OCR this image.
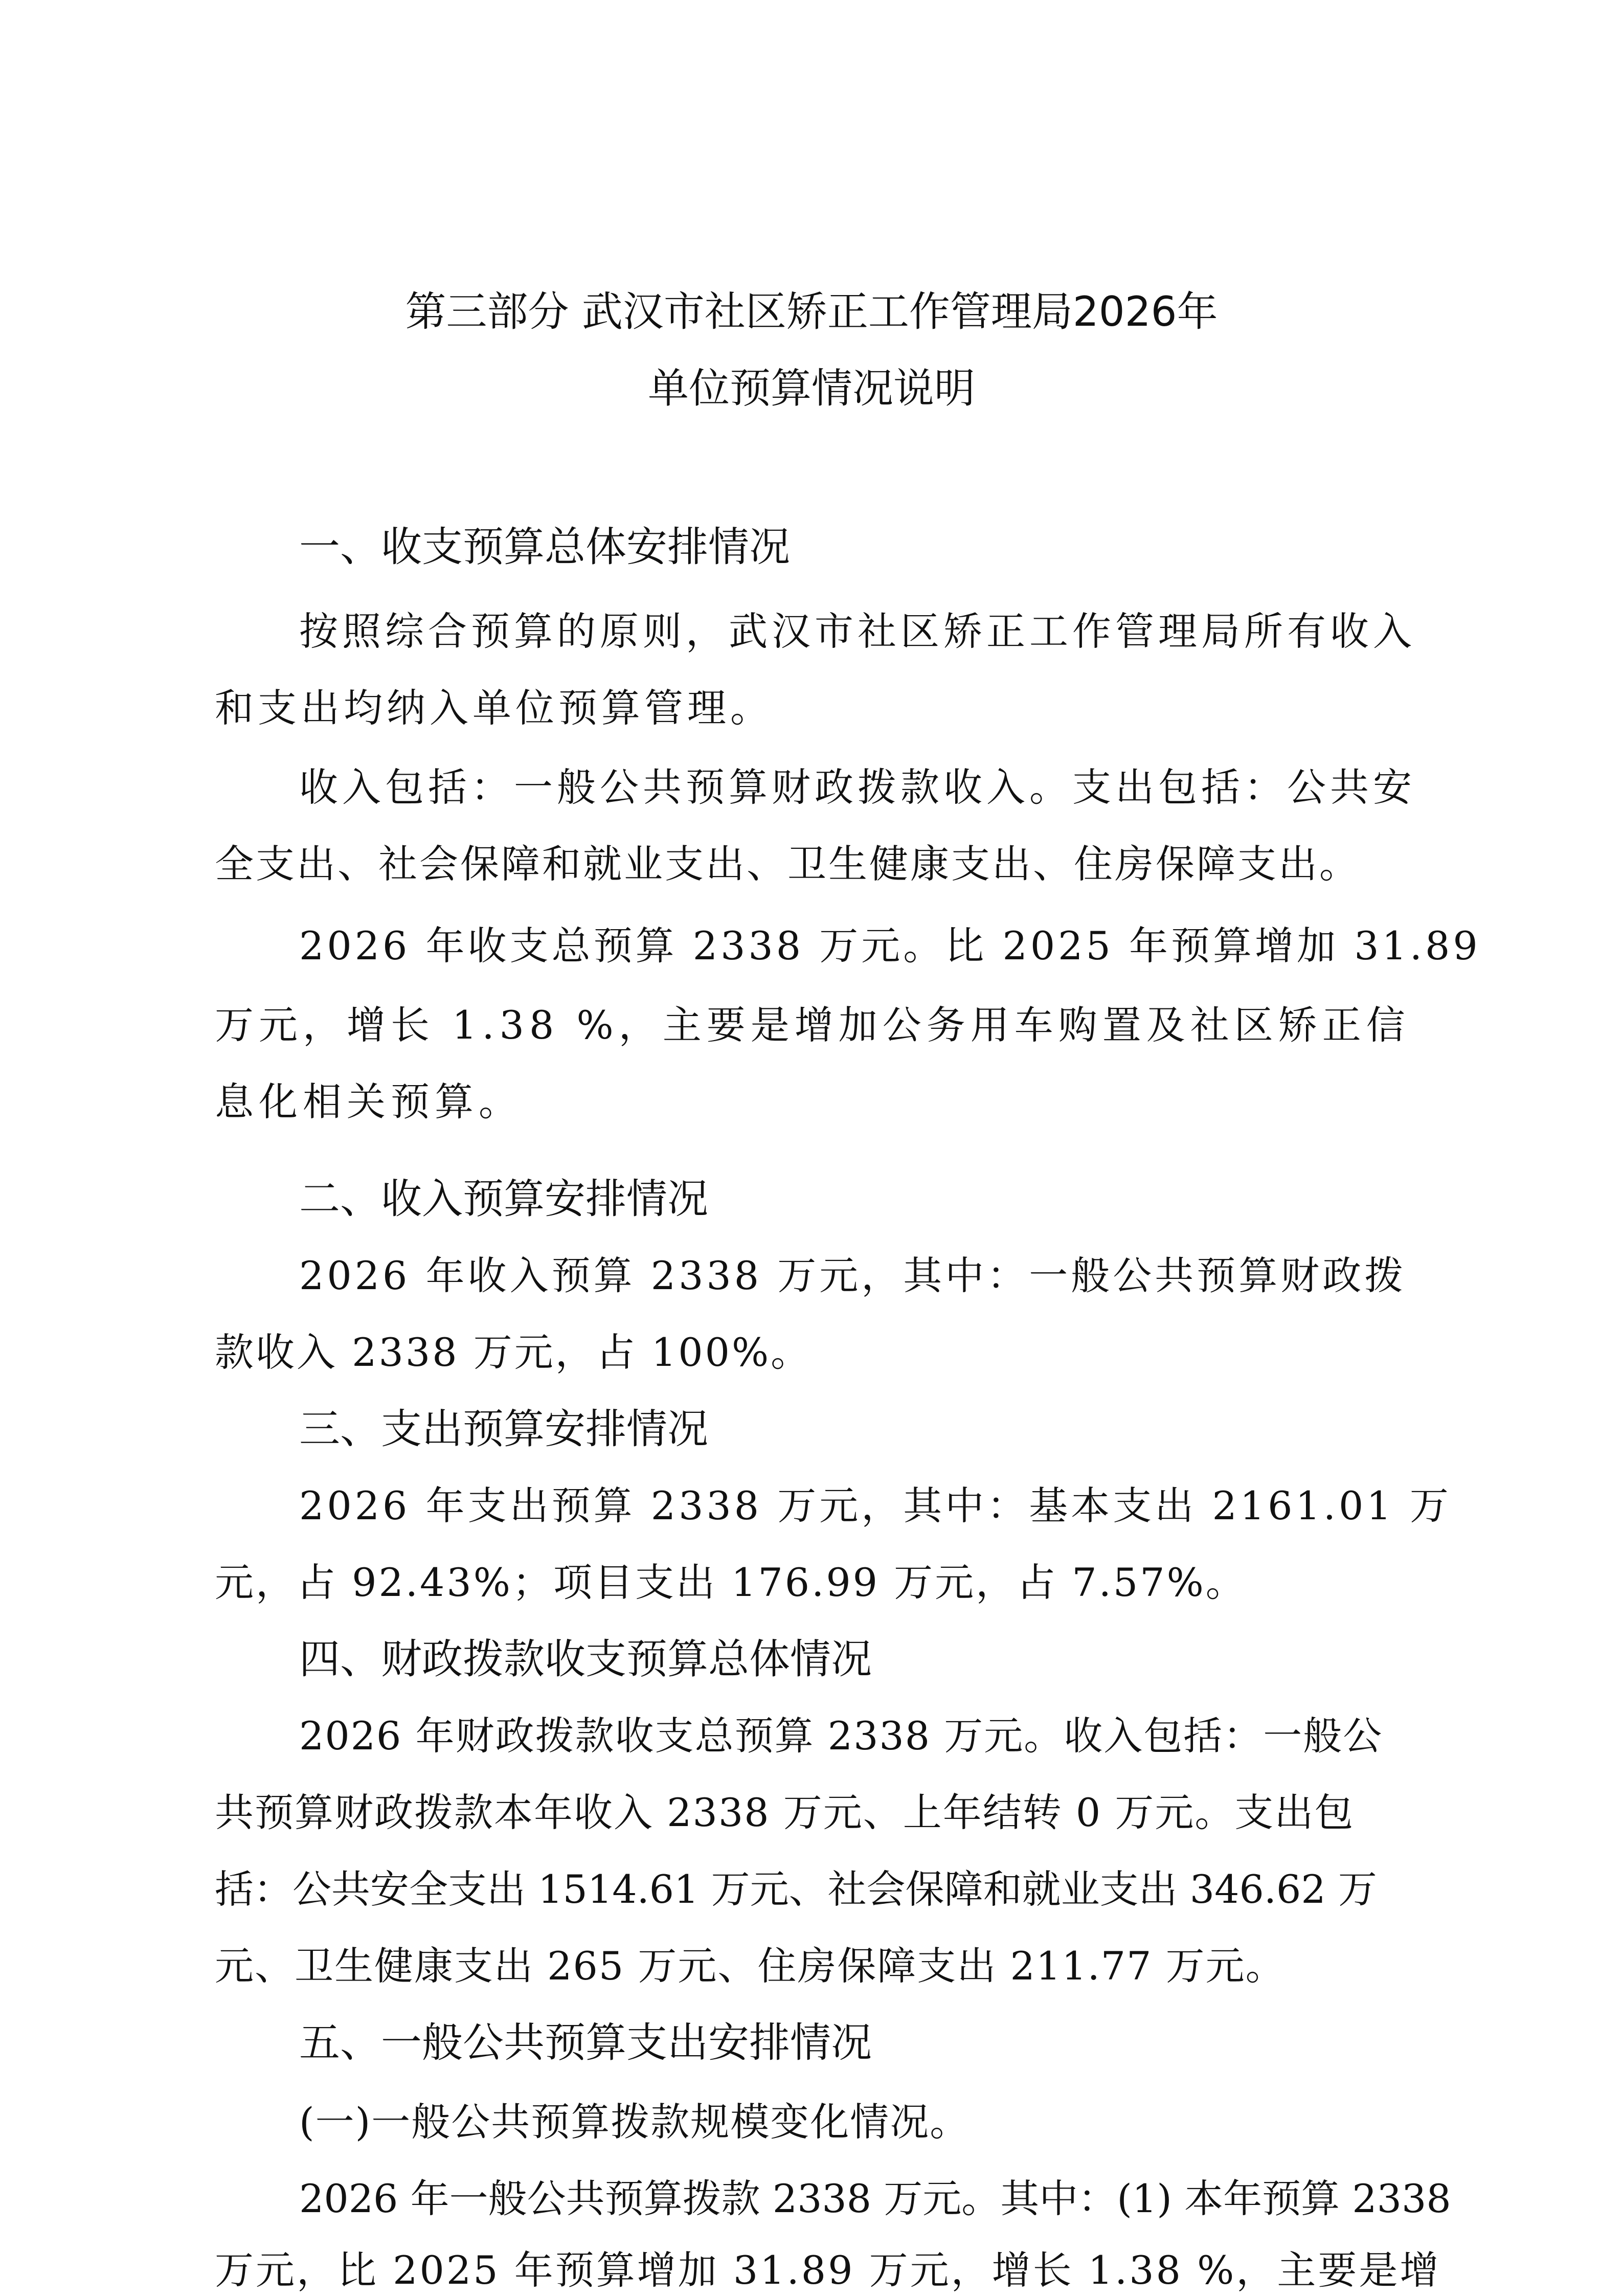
第三部分 武汉市社区矫正工作管理局2026年
单位预算情况说明
一、收支预算总体安排情况
按照综合预算的原则，武汉市社区矫正工作管理局所有收入
和支出均纳入单位预算管理。
收入包括：一般公共预算财政拨款收入。支出包括：公共安
全支出、社会保障和就业支出、卫生健康支出、住房保障支出。
2026 年收支总预算 2338 万元。比 2025 年预算增加 31.89
万元，增长 1.38 %，主要是增加公务用车购置及社区矫正信
息化相关预算。
二、收入预算安排情况
2026 年收入预算 2338 万元，其中：一般公共预算财政拨
款收入 2338 万元，占 100%。
三、支出预算安排情况
2026 年支出预算 2338 万元，其中：基本支出 2161.01 万
元，占 92.43%；项目支出 176.99 万元，占 7.57%。
四、财政拨款收支预算总体情况
2026 年财政拨款收支总预算 2338 万元。收入包括：一般公
共预算财政拨款本年收入 2338 万元、上年结转 0 万元。支出包
括：公共安全支出 1514.61 万元、社会保障和就业支出 346.62 万
元、卫生健康支出 265 万元、住房保障支出 211.77 万元。
五、一般公共预算支出安排情况
(一)一般公共预算拨款规模变化情况。
2026 年一般公共预算拨款 2338 万元。其中：(1) 本年预算 2338
万元，比 2025 年预算增加 31.89 万元，增长 1.38 %，主要是增
